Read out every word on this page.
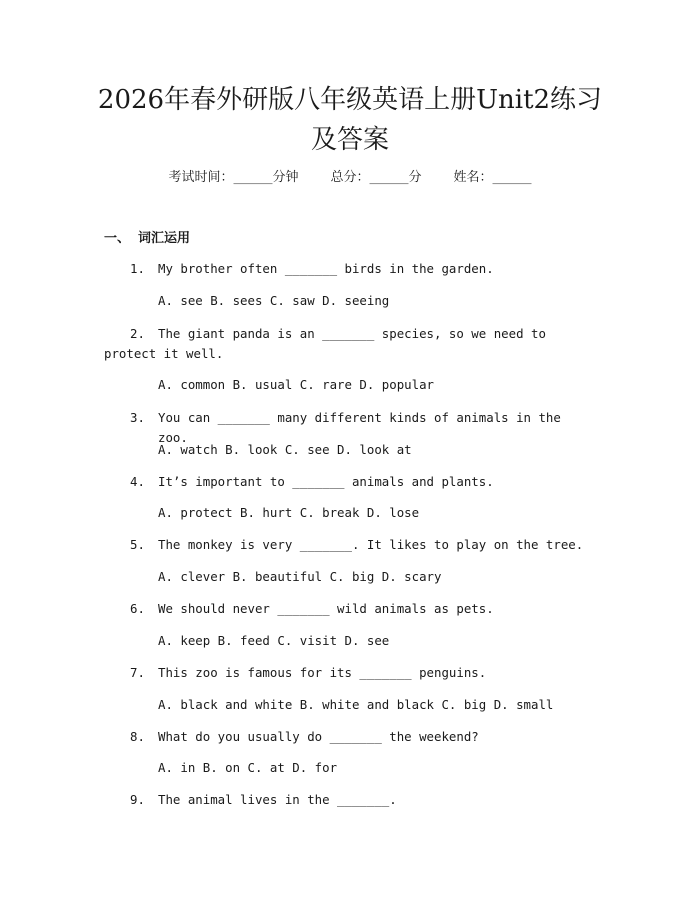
2026年春外研版八年级英语上册Unit2练习
及答案
考试时间：______分钟 总分：______分 姓名：______
一、 词汇运用
1.	My brother often _______ birds in the garden.
A. see B. sees C. saw D. seeing
2.	The giant panda is an _______ species, so we need to protect it well.
A. common B. usual C. rare D. popular
3.	You can _______ many different kinds of animals in the zoo.
A. watch B. look C. see D. look at
4.	It’s important to _______ animals and plants.
A. protect B. hurt C. break D. lose
5.	The monkey is very _______. It likes to play on the tree.
A. clever B. beautiful C. big D. scary
6.	We should never _______ wild animals as pets.
A. keep B. feed C. visit D. see
7.	This zoo is famous for its _______ penguins.
A. black and white B. white and black C. big D. small
8.	What do you usually do _______ the weekend?
A. in B. on C. at D. for
9.	The animal lives in the _______.
